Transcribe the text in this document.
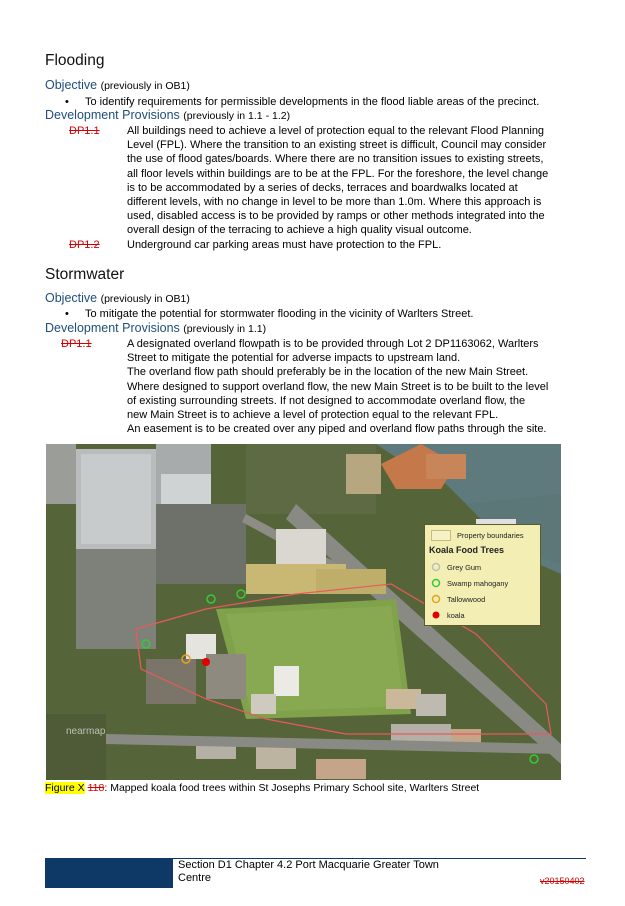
Flooding
Objective (previously in OB1)
• To identify requirements for permissible developments in the flood liable areas of the precinct.
Development Provisions (previously in 1.1 - 1.2)
DP1.1 All buildings need to achieve a level of protection equal to the relevant Flood Planning
Level (FPL). Where the transition to an existing street is difficult, Council may consider
the use of flood gates/boards. Where there are no transition issues to existing streets,
all floor levels within buildings are to be at the FPL. For the foreshore, the level change
is to be accommodated by a series of decks, terraces and boardwalks located at
different levels, with no change in level to be more than 1.0m. Where this approach is
used, disabled access is to be provided by ramps or other methods integrated into the
overall design of the terracing to achieve a high quality visual outcome.
DP1.2 Underground car parking areas must have protection to the FPL.
Stormwater
Objective (previously in OB1)
• To mitigate the potential for stormwater flooding in the vicinity of Warlters Street.
Development Provisions (previously in 1.1)
DP1.1	A designated overland flowpath is to be provided through Lot 2 DP1163062, Warlters
Street to mitigate the potential for adverse impacts to upstream land.
The overland flow path should preferably be in the location of the new Main Street.
Where designed to support overland flow, the new Main Street is to be built to the level
of existing surrounding streets. If not designed to accommodate overland flow, the
new Main Street is to achieve a level of protection equal to the relevant FPL.
An easement is to be created over any piped and overland flow paths through the site.
nearmap
Property boundaries
Koala Food Trees
Grey Gum
Swamp mahogany
Tallowwood
koala
Figure X 118: Mapped koala food trees within St Josephs Primary School site, Warlters Street
Section D1 Chapter 4.2 Port Macquarie Greater Town
Centre	v20150402
